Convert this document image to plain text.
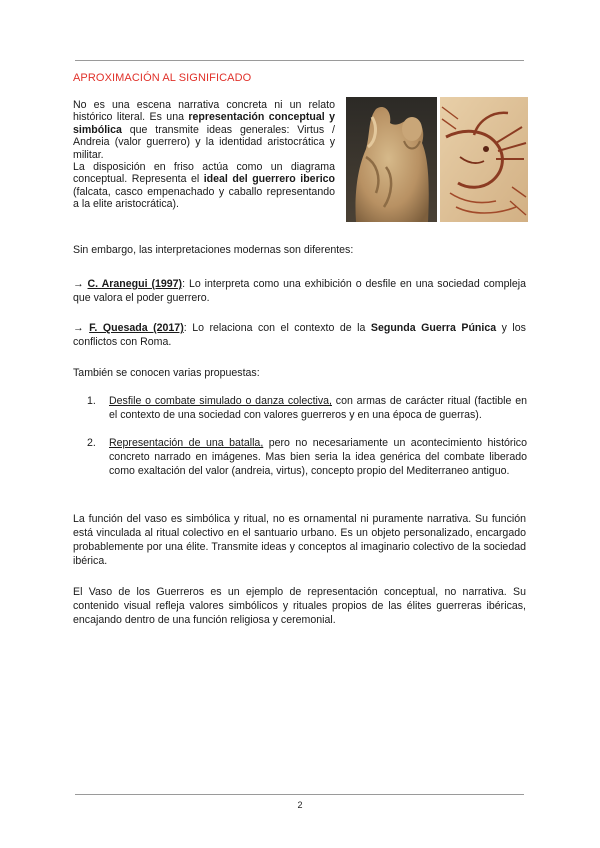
APROXIMACIÓN AL SIGNIFICADO

No es una escena narrativa concreta ni un relato histórico literal. Es una representación conceptual y simbólica que transmite ideas generales: Virtus / Andreia (valor guerrero) y la identidad aristocrática y militar.

La disposición en friso actúa como un diagrama conceptual. Representa el ideal del guerrero iberico (falcata, casco empenachado y caballo representando a la elite aristocrática).

Sin embargo, las interpretaciones modernas son diferentes:

→ C. Aranegui (1997): Lo interpreta como una exhibición o desfile en una sociedad compleja que valora el poder guerrero.

→ F. Quesada (2017): Lo relaciona con el contexto de la Segunda Guerra Púnica y los conflictos con Roma.

También se conocen varias propuestas:
1. Desfile o combate simulado o danza colectiva, con armas de carácter ritual (factible en el contexto de una sociedad con valores guerreros y en una época de guerras).
2. Representación de una batalla, pero no necesariamente un acontecimiento histórico concreto narrado en imágenes. Mas bien seria la idea genérica del combate liberado como exaltación del valor (andreia, virtus), concepto propio del Mediterraneo antiguo.
La función del vaso es simbólica y ritual, no es ornamental ni puramente narrativa. Su función está vinculada al ritual colectivo en el santuario urbano. Es un objeto personalizado, encargado probablemente por una élite. Transmite ideas y conceptos al imaginario colectivo de la sociedad ibérica.
El Vaso de los Guerreros es un ejemplo de representación conceptual, no narrativa. Su contenido visual refleja valores simbólicos y rituales propios de las élites guerreras ibéricas, encajando dentro de una función religiosa y ceremonial.
2
